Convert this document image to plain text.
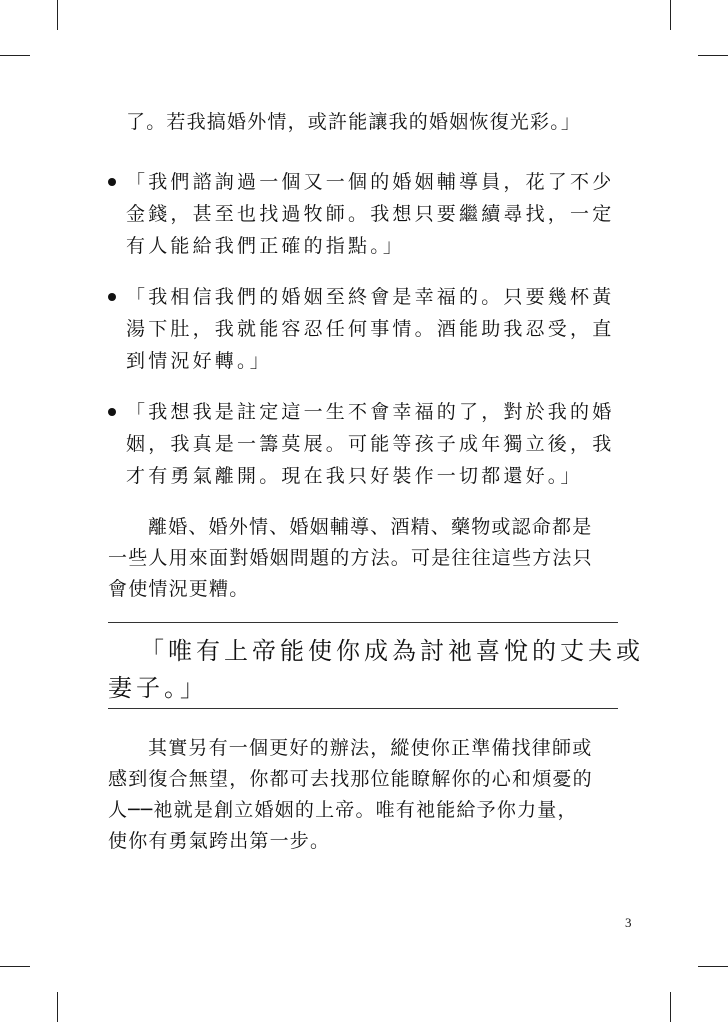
了。若我搞婚外情，或許能讓我的婚姻恢復光彩。」
「我們諮詢過一個又一個的婚姻輔導員，花了不少
金錢，甚至也找過牧師。我想只要繼續尋找，一定
有人能給我們正確的指點。」
「我相信我們的婚姻至終會是幸福的。只要幾杯黃
湯下肚，我就能容忍任何事情。酒能助我忍受，直
到情況好轉。」
「我想我是註定這一生不會幸福的了，對於我的婚
姻，我真是一籌莫展。可能等孩子成年獨立後，我
才有勇氣離開。現在我只好裝作一切都還好。」
離婚、婚外情、婚姻輔導、酒精、藥物或認命都是
一些人用來面對婚姻問題的方法。可是往往這些方法只
會使情況更糟。
「唯有上帝能使你成為討祂喜悅的丈夫或
妻子。」
其實另有一個更好的辦法，縱使你正準備找律師或
感到復合無望，你都可去找那位能瞭解你的心和煩憂的
人──祂就是創立婚姻的上帝。唯有祂能給予你力量，
使你有勇氣跨出第一步。
3
